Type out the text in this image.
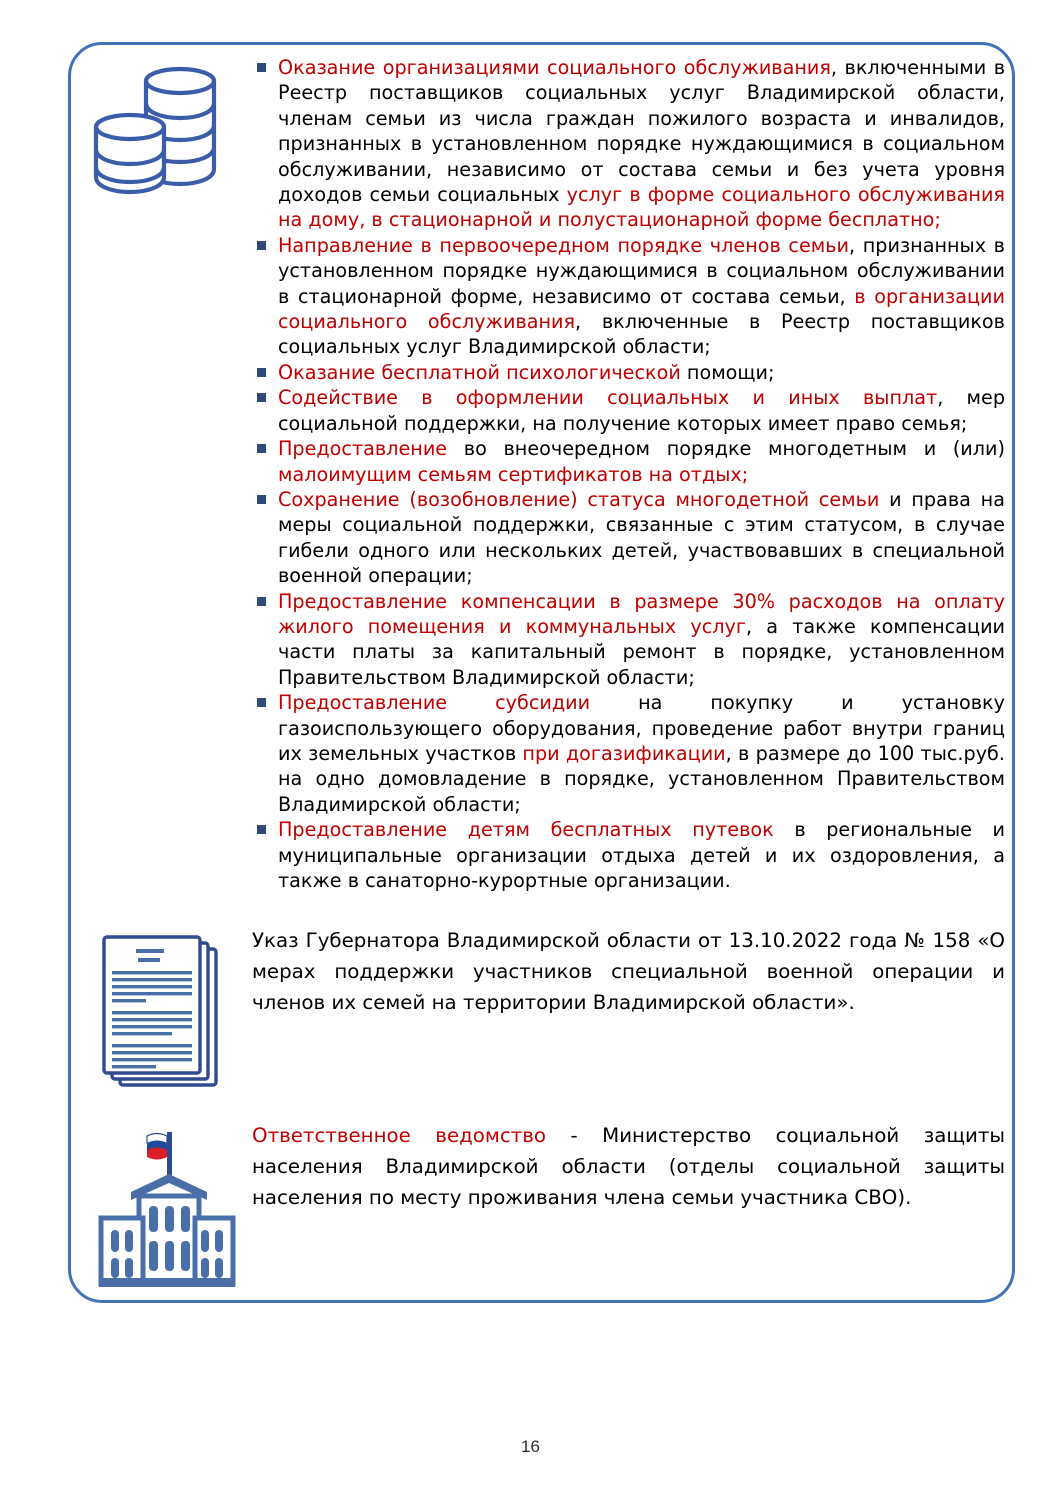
Оказание организациями социального обслуживания, включенными в Реестр поставщиков социальных услуг Владимирской области, членам семьи из числа граждан пожилого возраста и инвалидов, признанных в установленном порядке нуждающимися в социальном обслуживании, независимо от состава семьи и без учета уровня доходов семьи социальных услуг в форме социального обслуживания на дому, в стационарной и полустационарной форме бесплатно;
Направление в первоочередном порядке членов семьи, признанных в установленном порядке нуждающимися в социальном обслуживании в стационарной форме, независимо от состава семьи, в организации социального обслуживания, включенные в Реестр поставщиков социальных услуг Владимирской области;
Оказание бесплатной психологической помощи;
Содействие в оформлении социальных и иных выплат, мер социальной поддержки, на получение которых имеет право семья;
Предоставление во внеочередном порядке многодетным и (или) малоимущим семьям сертификатов на отдых;
Сохранение (возобновление) статуса многодетной семьи и права на меры социальной поддержки, связанные с этим статусом, в случае гибели одного или нескольких детей, участвовавших в специальной военной операции;
Предоставление компенсации в размере 30% расходов на оплату жилого помещения и коммунальных услуг, а также компенсации части платы за капитальный ремонт в порядке, установленном Правительством Владимирской области;
Предоставление субсидии на покупку и установку газоиспользующего оборудования, проведение работ внутри границ их земельных участков при догазификации, в размере до 100 тыс.руб. на одно домовладение в порядке, установленном Правительством Владимирской области;
Предоставление детям бесплатных путевок в региональные и муниципальные организации отдыха детей и их оздоровления, а также в санаторно-курортные организации.
Указ Губернатора Владимирской области от 13.10.2022 года № 158 «О мерах поддержки участников специальной военной операции и членов их семей на территории Владимирской области».
Ответственное ведомство - Министерство социальной защиты населения Владимирской области (отделы социальной защиты населения по месту проживания члена семьи участника СВО).
16
